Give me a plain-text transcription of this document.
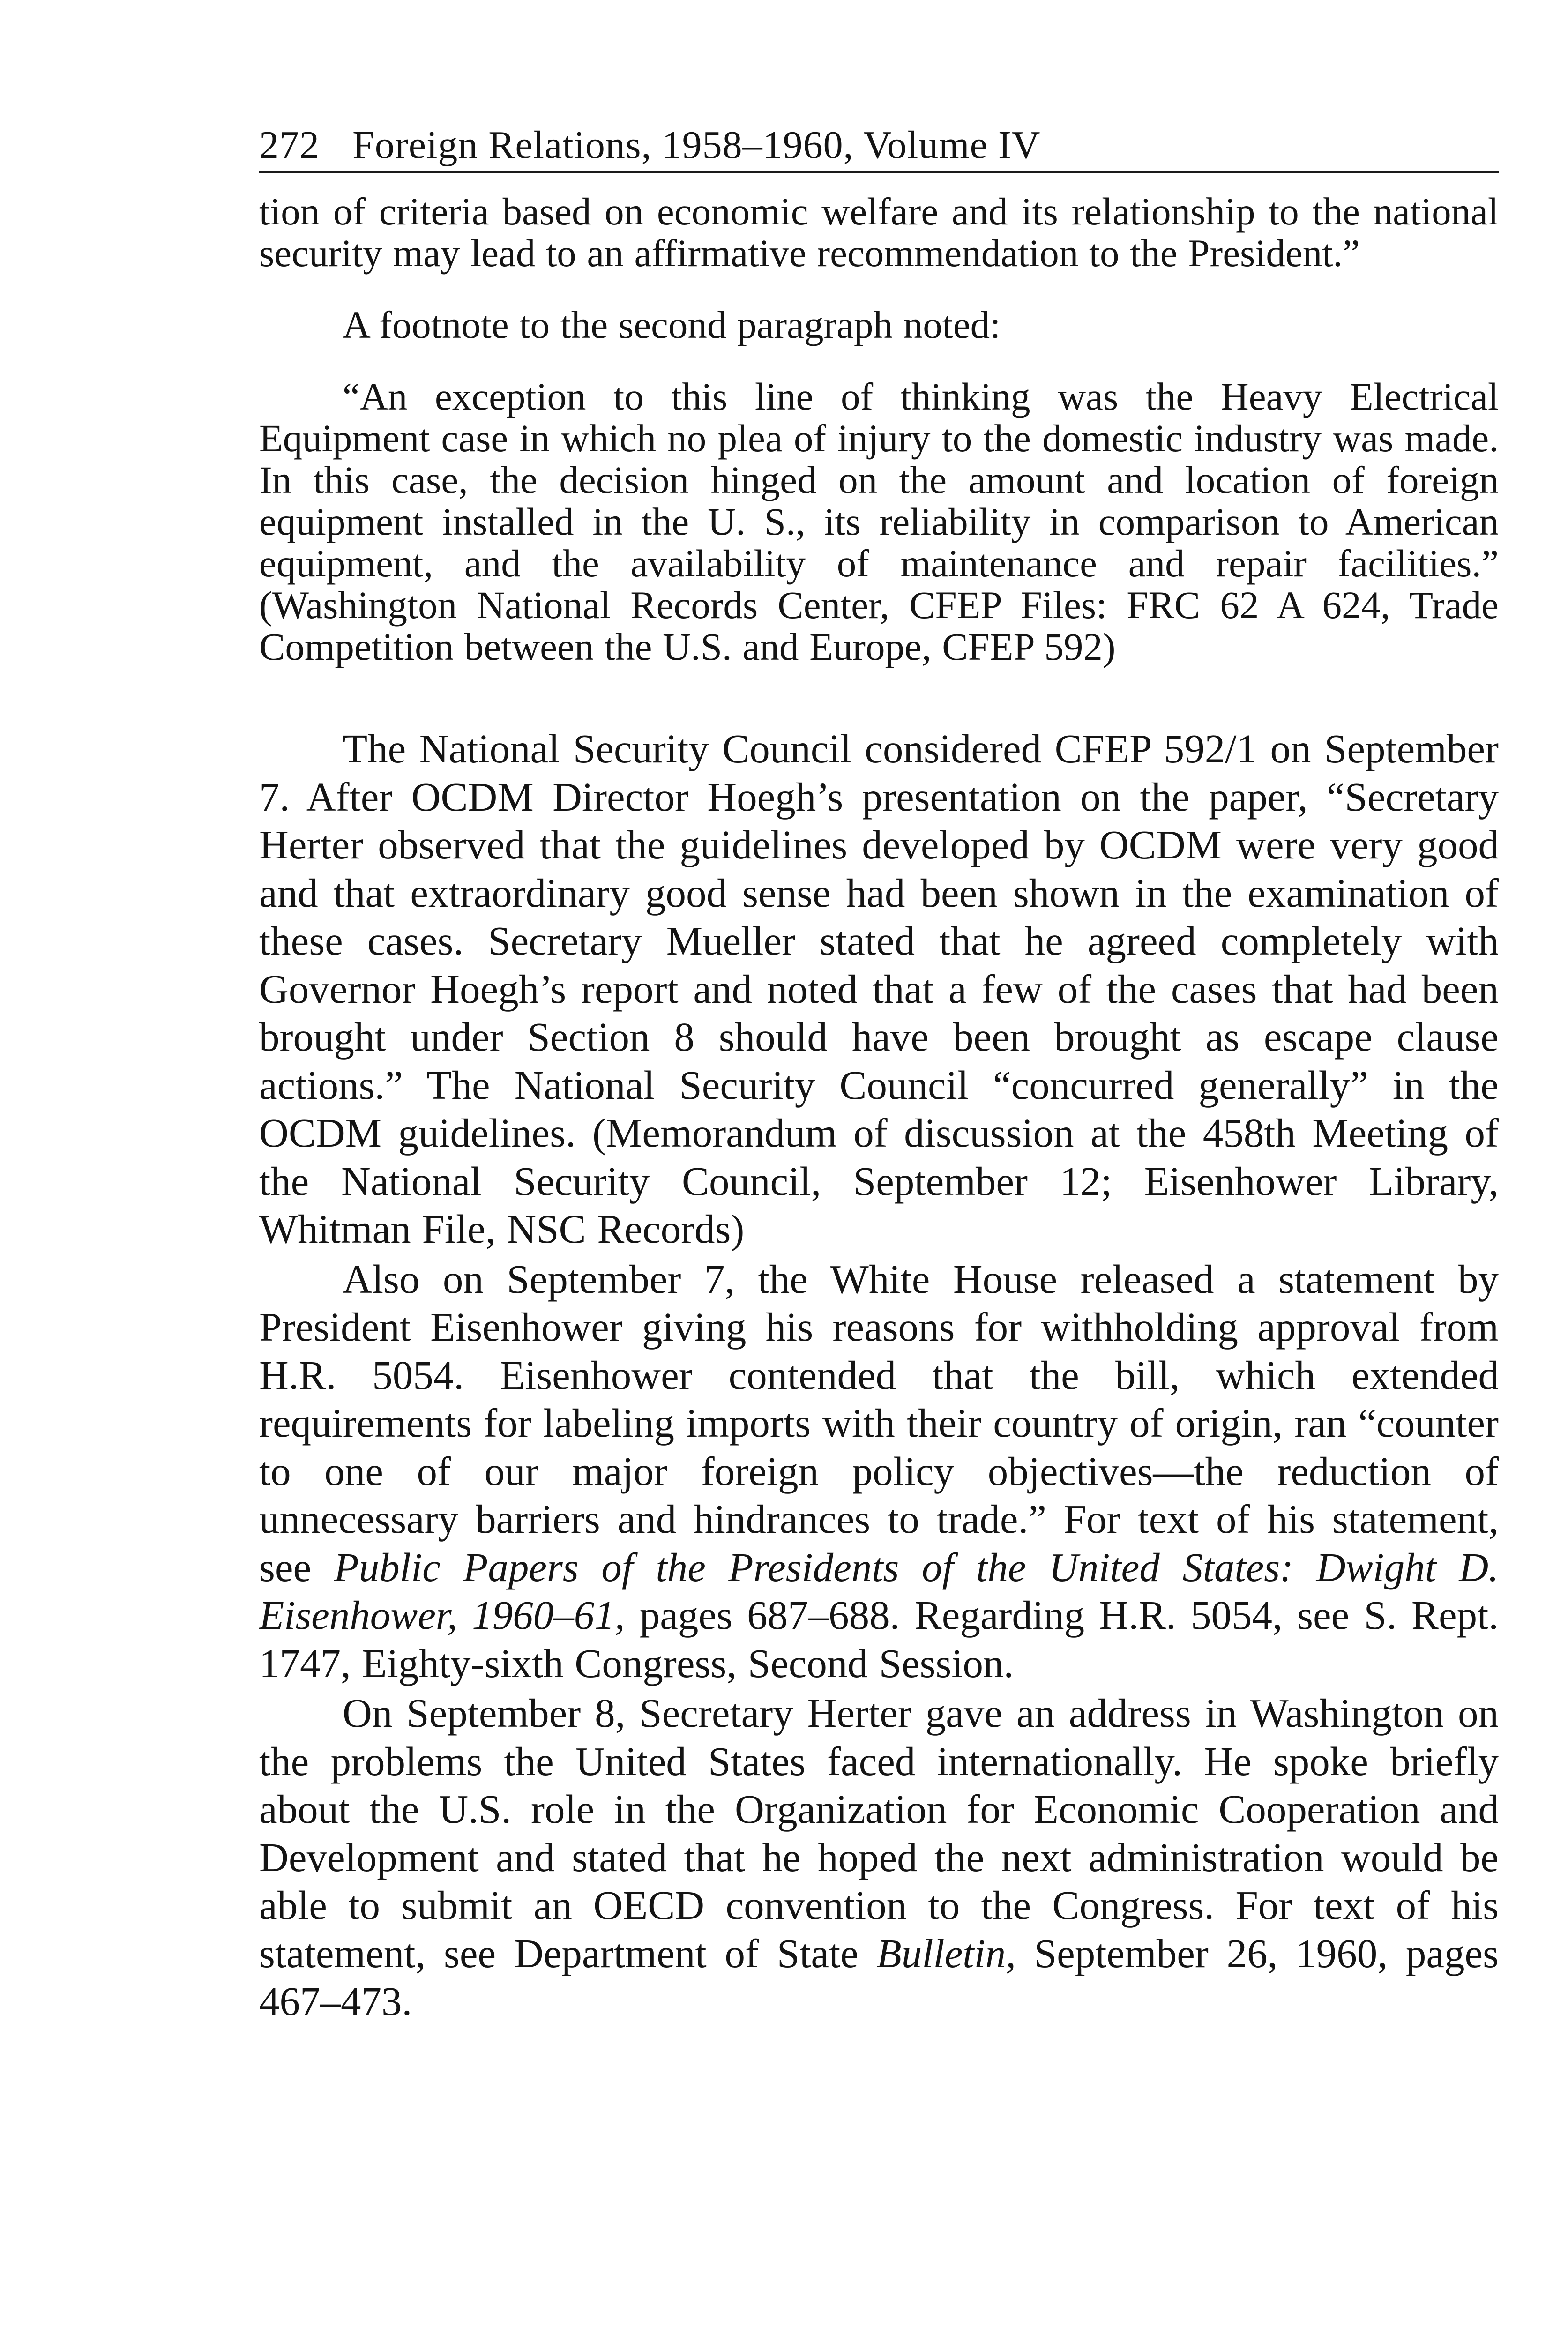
272 Foreign Relations, 1958–1960, Volume IV

tion of criteria based on economic welfare and its relationship to the national security may lead to an affirmative recommendation to the President.”

A footnote to the second paragraph noted:

“An exception to this line of thinking was the Heavy Electrical Equipment case in which no plea of injury to the domestic industry was made. In this case, the decision hinged on the amount and location of foreign equipment installed in the U. S., its reliability in comparison to American equipment, and the availability of maintenance and repair facilities.” (Washington National Records Center, CFEP Files: FRC 62 A 624, Trade Competition between the U.S. and Europe, CFEP 592)

The National Security Council considered CFEP 592/1 on September 7. After OCDM Director Hoegh’s presentation on the paper, “Secretary Herter observed that the guidelines developed by OCDM were very good and that extraordinary good sense had been shown in the examination of these cases. Secretary Mueller stated that he agreed completely with Governor Hoegh’s report and noted that a few of the cases that had been brought under Section 8 should have been brought as escape clause actions.” The National Security Council “concurred generally” in the OCDM guidelines. (Memorandum of discussion at the 458th Meeting of the National Security Council, September 12; Eisenhower Library, Whitman File, NSC Records)

Also on September 7, the White House released a statement by President Eisenhower giving his reasons for withholding approval from H.R. 5054. Eisenhower contended that the bill, which extended requirements for labeling imports with their country of origin, ran “counter to one of our major foreign policy objectives—the reduction of unnecessary barriers and hindrances to trade.” For text of his statement, see Public Papers of the Presidents of the United States: Dwight D. Eisenhower, 1960–61, pages 687–688. Regarding H.R. 5054, see S. Rept. 1747, Eighty-sixth Congress, Second Session.

On September 8, Secretary Herter gave an address in Washington on the problems the United States faced internationally. He spoke briefly about the U.S. role in the Organization for Economic Cooperation and Development and stated that he hoped the next administration would be able to submit an OECD convention to the Congress. For text of his statement, see Department of State Bulletin, September 26, 1960, pages 467–473.
